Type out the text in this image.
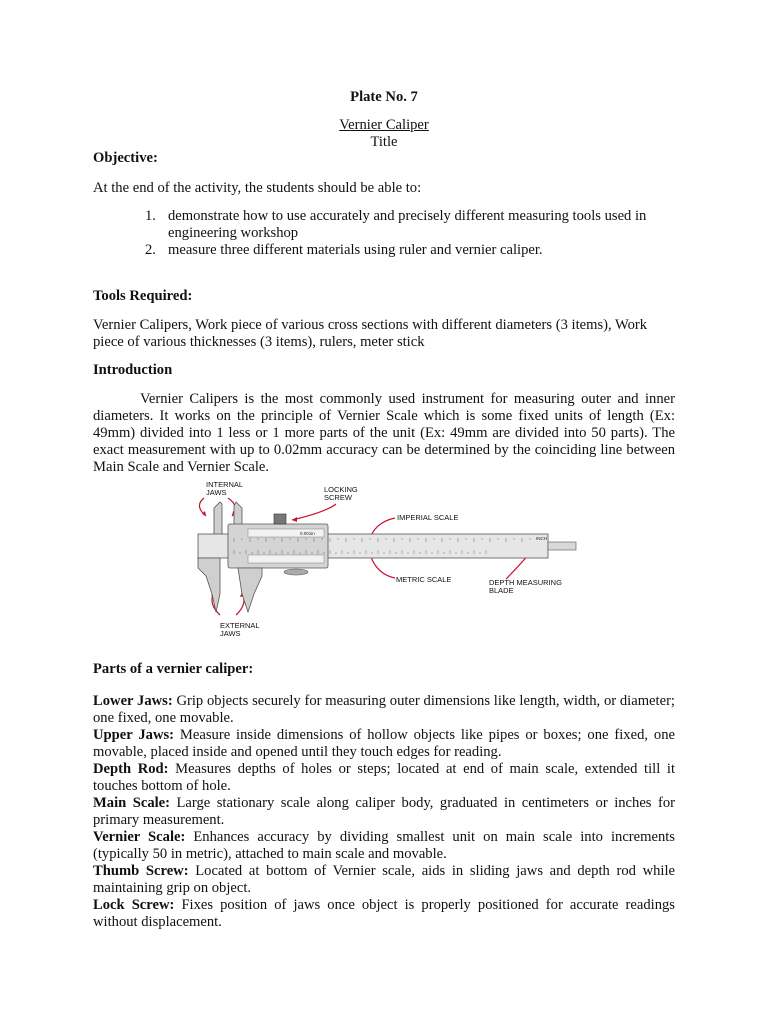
Plate No. 7
Vernier Caliper
Title
Objective:
At the end of the activity, the students should be able to:
1. demonstrate how to use accurately and precisely different measuring tools used in engineering workshop
2. measure three different materials using ruler and vernier caliper.
Tools Required:
Vernier Calipers, Work piece of various cross sections with different diameters (3 items), Work piece of various thicknesses (3 items), rulers, meter stick
Introduction
Vernier Calipers is the most commonly used instrument for measuring outer and inner diameters. It works on the principle of Vernier Scale which is some fixed units of length (Ex: 49mm) divided into 1 less or 1 more parts of the unit (Ex: 49mm are divided into 50 parts). The exact measurement with up to 0.02mm accuracy can be determined by the coinciding line between Main Scale and Vernier Scale.
INTERNAL
JAWS	LOCKING
SCREW
IMPERIAL SCALE
METRIC SCALE	DEPTH MEASURING
BLADE
EXTERNAL
JAWS
0.001in
INCH
Parts of a vernier caliper:

Lower Jaws: Grip objects securely for measuring outer dimensions like length, width, or diameter; one fixed, one movable.

Upper Jaws: Measure inside dimensions of hollow objects like pipes or boxes; one fixed, one movable, placed inside and opened until they touch edges for reading.

Depth Rod: Measures depths of holes or steps; located at end of main scale, extended till it touches bottom of hole.

Main Scale: Large stationary scale along caliper body, graduated in centimeters or inches for primary measurement.

Vernier Scale: Enhances accuracy by dividing smallest unit on main scale into increments (typically 50 in metric), attached to main scale and movable.

Thumb Screw: Located at bottom of Vernier scale, aids in sliding jaws and depth rod while maintaining grip on object.

Lock Screw: Fixes position of jaws once object is properly positioned for accurate readings without displacement.
